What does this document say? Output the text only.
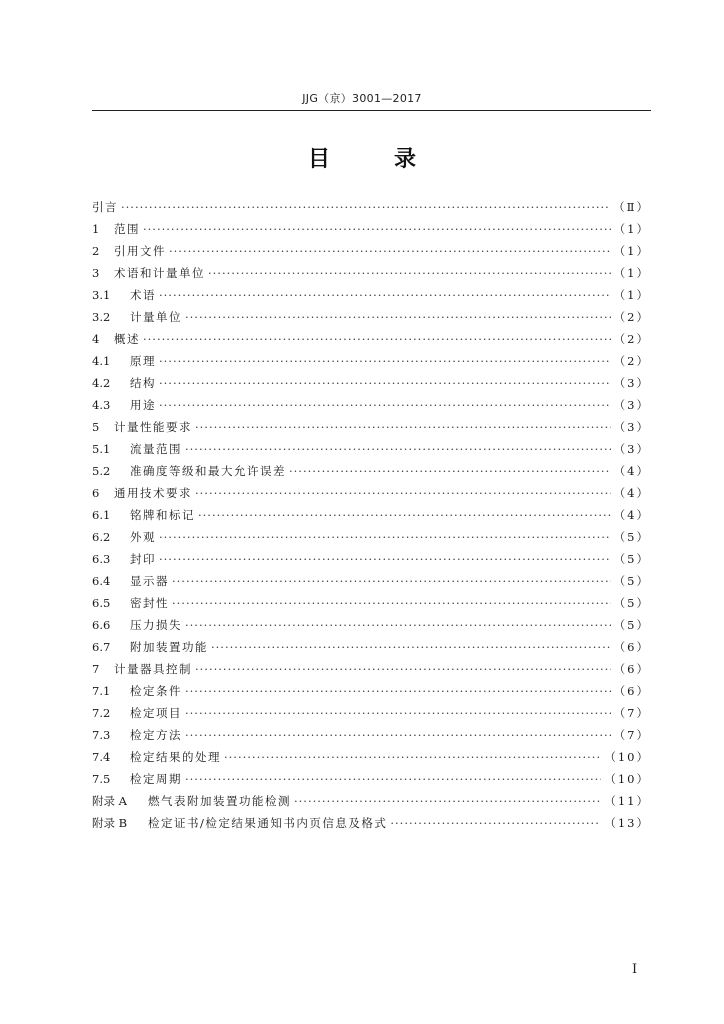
JJG（京）3001—2017
目	录
引言 ·····	（Ⅱ）
1	范围 ·····	（1）
2	引用文件 ·····	（1）
3	术语和计量单位 ·····	（1）
3.1	术语 ·····	（1）
3.2	计量单位 ·····	（2）
4	概述 ·····	（2）
4.1	原理 ·····	（2）
4.2	结构 ·····	（3）
4.3	用途 ·····	（3）
5	计量性能要求 ·····	（3）
5.1	流量范围 ·····	（3）
5.2	准确度等级和最大允许误差 ·····	（4）
6	通用技术要求 ·····	（4）
6.1	铭牌和标记 ·····	（4）
6.2	外观 ·····	（5）
6.3	封印 ·····	（5）
6.4	显示器 ·····	（5）
6.5	密封性 ·····	（5）
6.6	压力损失 ·····	（5）
6.7	附加装置功能 ·····	（6）
7	计量器具控制 ·····	（6）
7.1	检定条件 ·····	（6）
7.2	检定项目 ·····	（7）
7.3	检定方法 ·····	（7）
7.4	检定结果的处理 ·····	（10）
7.5	检定周期 ·····	（10）
附录 A	燃气表附加装置功能检测 ·····	（11）
附录 B	检定证书/检定结果通知书内页信息及格式 ·····	（13）
Ⅰ
